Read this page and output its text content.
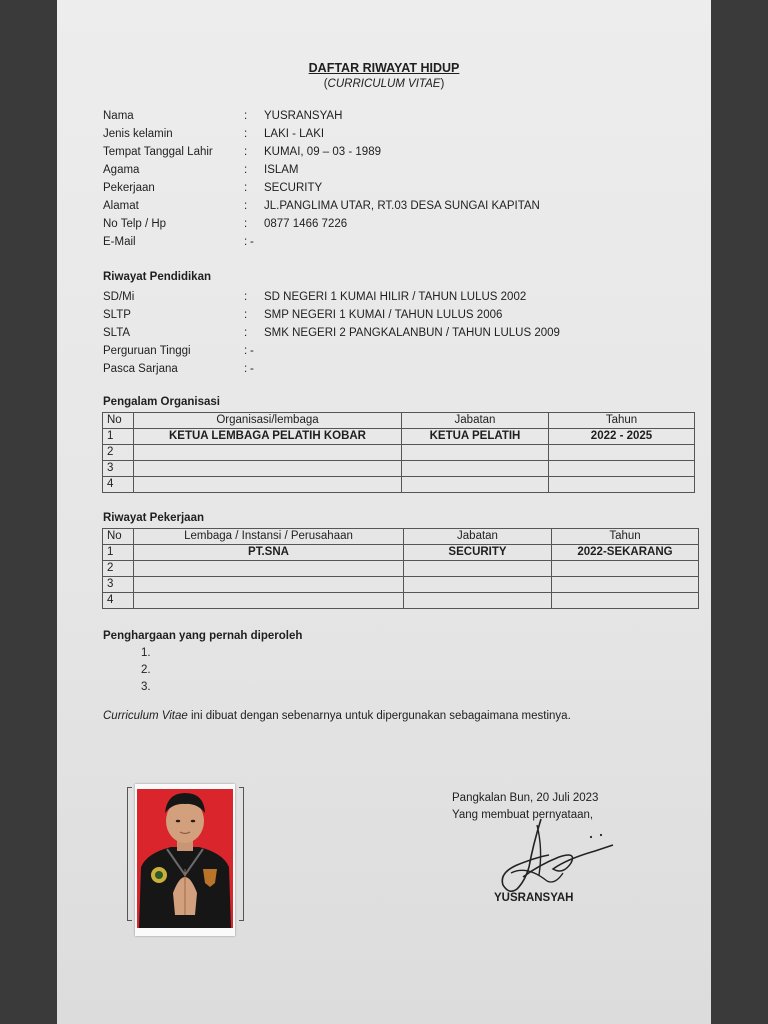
DAFTAR RIWAYAT HIDUP
(CURRICULUM VITAE)
Nama	: YUSRANSYAH
Jenis kelamin	: LAKI - LAKI
Tempat Tanggal Lahir	: KUMAI, 09 – 03 - 1989
Agama	: ISLAM
Pekerjaan	: SECURITY
Alamat	: JL.PANGLIMA UTAR, RT.03 DESA SUNGAI KAPITAN
No Telp / Hp	: 0877 1466 7226
E-Mail	: -
Riwayat Pendidikan
SD/Mi	: SD NEGERI 1 KUMAI HILIR / TAHUN LULUS 2002
SLTP	: SMP NEGERI 1 KUMAI / TAHUN LULUS 2006
SLTA	: SMK NEGERI 2 PANGKALANBUN / TAHUN LULUS 2009
Perguruan Tinggi	: -
Pasca Sarjana	: -
Pengalam Organisasi
No	Organisasi/lembaga	Jabatan	Tahun
1	KETUA LEMBAGA PELATIH KOBAR	KETUA PELATIH	2022 - 2025
2			
3			
4			
Riwayat Pekerjaan
No	Lembaga / Instansi / Perusahaan	Jabatan	Tahun
1	PT.SNA	SECURITY	2022-SEKARANG
2			
3			
4			
Penghargaan yang pernah diperoleh
1.
2.
3.
Curriculum Vitae ini dibuat dengan sebenarnya untuk dipergunakan sebagaimana mestinya.
Pangkalan Bun, 20 Juli 2023
Yang membuat pernyataan,
YUSRANSYAH
